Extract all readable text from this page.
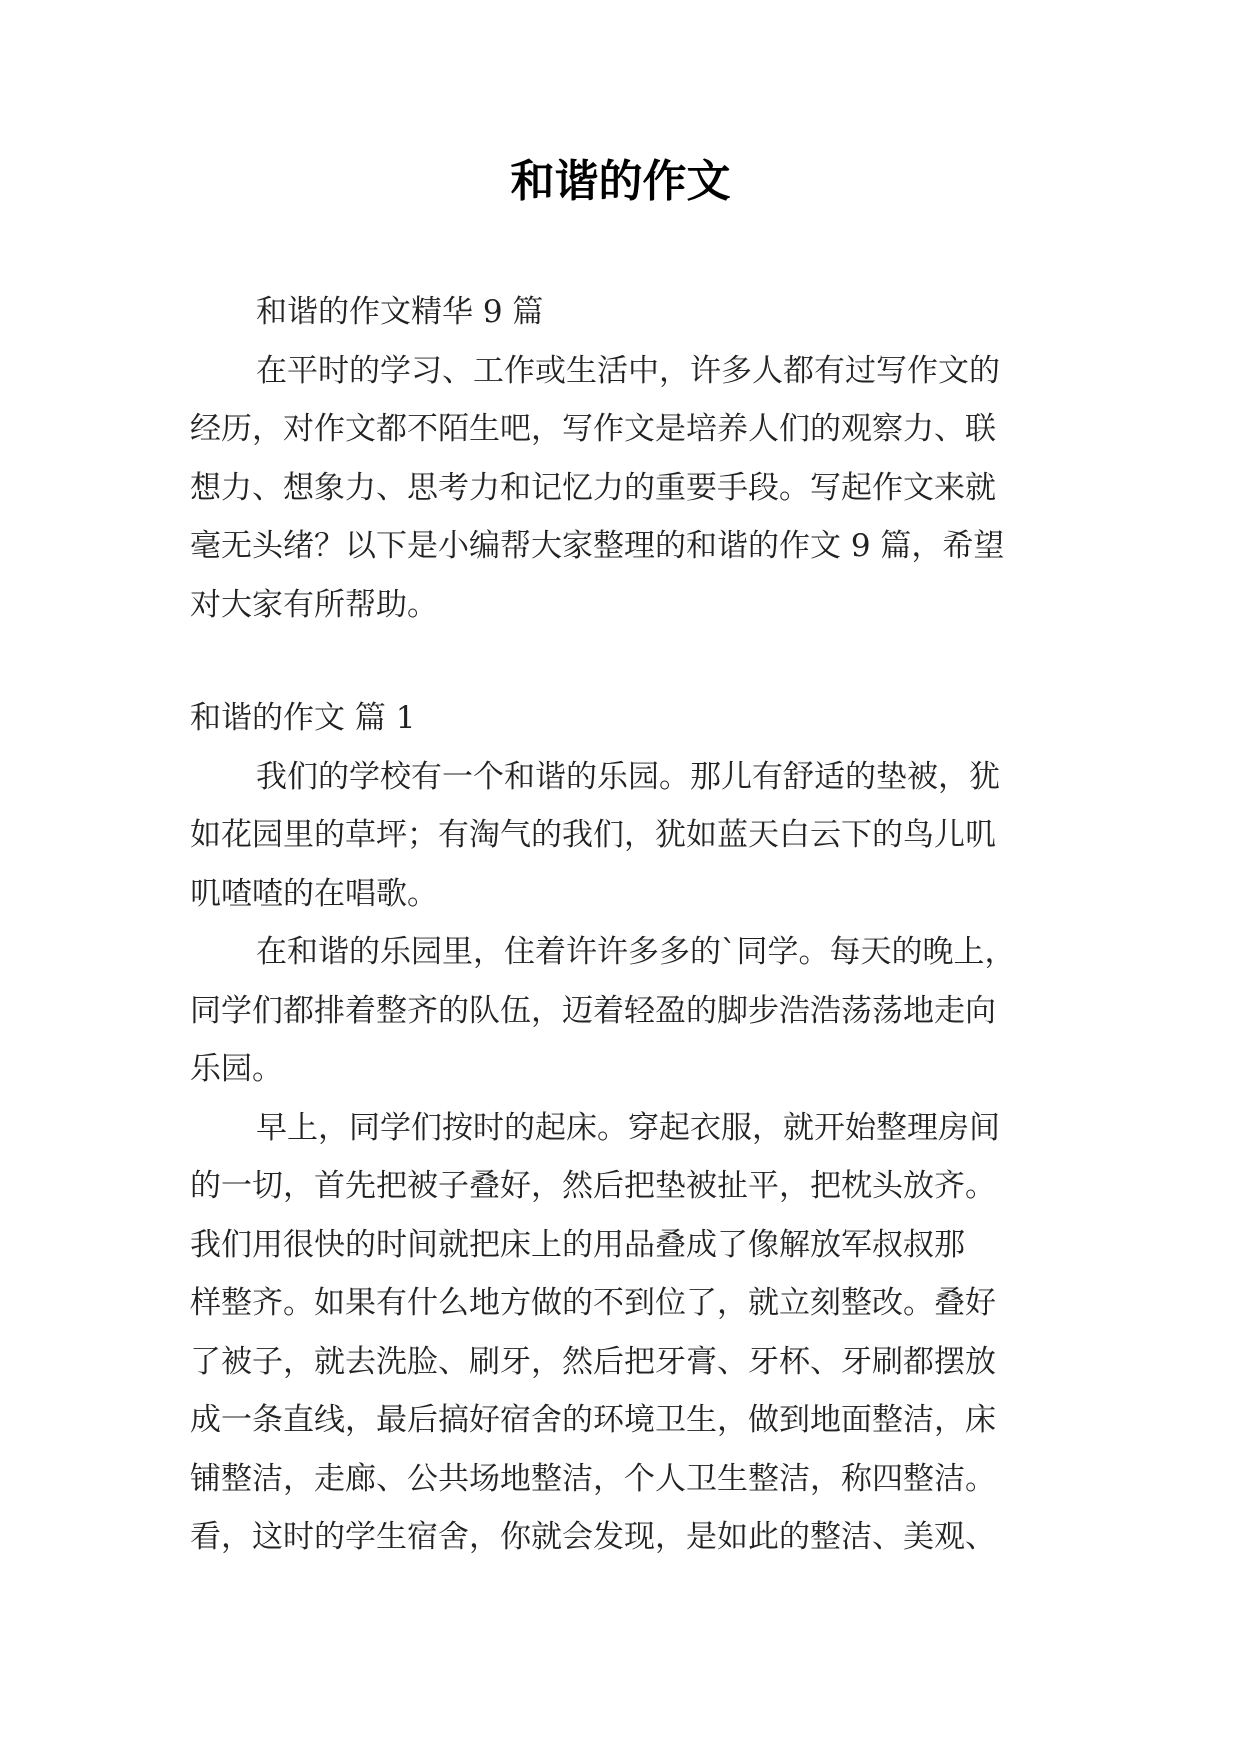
和谐的作文
和谐的作文精华 9 篇
在平时的学习、工作或生活中，许多人都有过写作文的
经历，对作文都不陌生吧，写作文是培养人们的观察力、联
想力、想象力、思考力和记忆力的重要手段。写起作文来就
毫无头绪？以下是小编帮大家整理的和谐的作文 9 篇，希望
对大家有所帮助。
和谐的作文 篇 1
我们的学校有一个和谐的乐园。那儿有舒适的垫被，犹
如花园里的草坪；有淘气的我们，犹如蓝天白云下的鸟儿叽
叽喳喳的在唱歌。
在和谐的乐园里，住着许许多多的`同学。每天的晚上，
同学们都排着整齐的队伍，迈着轻盈的脚步浩浩荡荡地走向
乐园。
早上，同学们按时的起床。穿起衣服，就开始整理房间
的一切，首先把被子叠好，然后把垫被扯平，把枕头放齐。
我们用很快的时间就把床上的用品叠成了像解放军叔叔那
样整齐。如果有什么地方做的不到位了，就立刻整改。叠好
了被子，就去洗脸、刷牙，然后把牙膏、牙杯、牙刷都摆放
成一条直线，最后搞好宿舍的环境卫生，做到地面整洁，床
铺整洁，走廊、公共场地整洁，个人卫生整洁，称四整洁。
看，这时的学生宿舍，你就会发现，是如此的整洁、美观、
